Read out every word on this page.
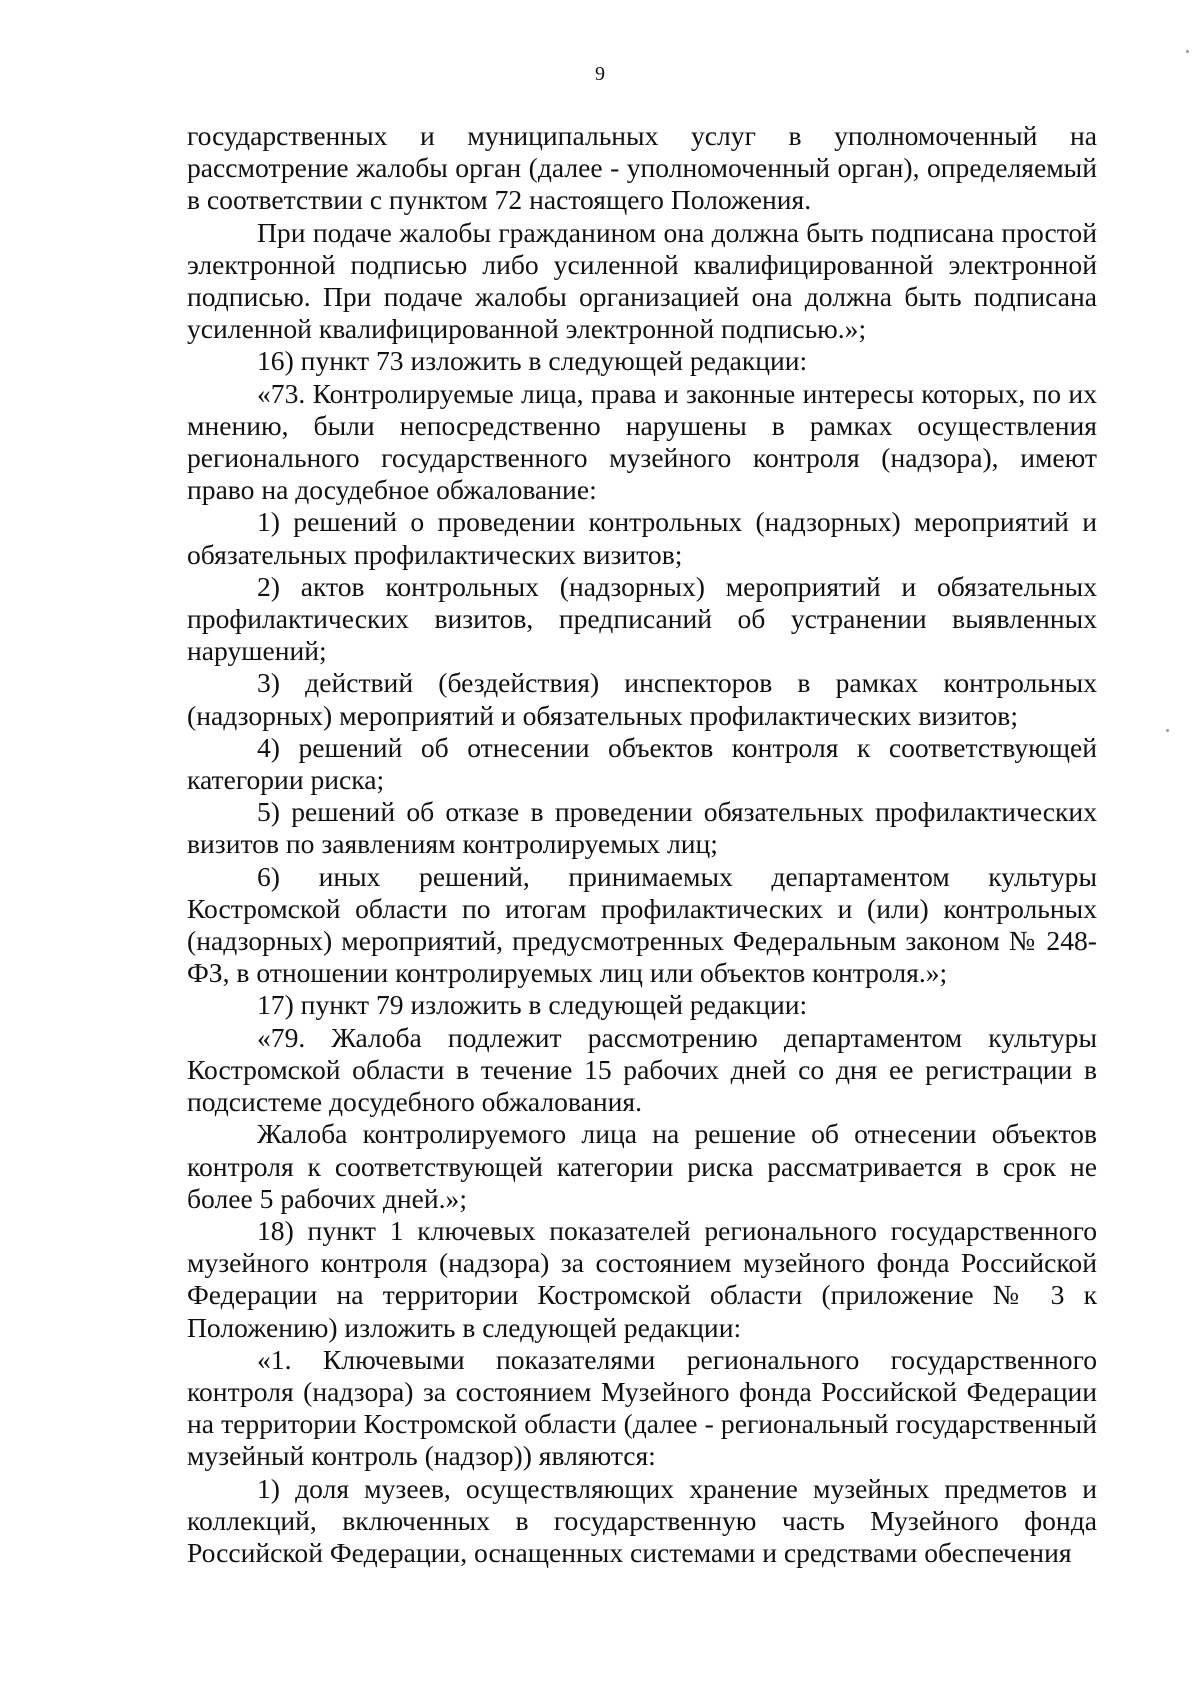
9

государственных и муниципальных услуг в уполномоченный на рассмотрение жалобы орган (далее - уполномоченный орган), определяемый в соответствии с пунктом 72 настоящего Положения.

При подаче жалобы гражданином она должна быть подписана простой электронной подписью либо усиленной квалифицированной электронной подписью. При подаче жалобы организацией она должна быть подписана усиленной квалифицированной электронной подписью.»;

16) пункт 73 изложить в следующей редакции:

«73. Контролируемые лица, права и законные интересы которых, по их мнению, были непосредственно нарушены в рамках осуществления регионального государственного музейного контроля (надзора), имеют право на досудебное обжалование:

1) решений о проведении контрольных (надзорных) мероприятий и обязательных профилактических визитов;

2) актов контрольных (надзорных) мероприятий и обязательных профилактических визитов, предписаний об устранении выявленных нарушений;

3) действий (бездействия) инспекторов в рамках контрольных (надзорных) мероприятий и обязательных профилактических визитов;

4) решений об отнесении объектов контроля к соответствующей категории риска;

5) решений об отказе в проведении обязательных профилактических визитов по заявлениям контролируемых лиц;

6) иных решений, принимаемых департаментом культуры Костромской области по итогам профилактических и (или) контрольных (надзорных) мероприятий, предусмотренных Федеральным законом № 248-ФЗ, в отношении контролируемых лиц или объектов контроля.»;

17) пункт 79 изложить в следующей редакции:

«79. Жалоба подлежит рассмотрению департаментом культуры Костромской области в течение 15 рабочих дней со дня ее регистрации в подсистеме досудебного обжалования.

Жалоба контролируемого лица на решение об отнесении объектов контроля к соответствующей категории риска рассматривается в срок не более 5 рабочих дней.»;

18) пункт 1 ключевых показателей регионального государственного музейного контроля (надзора) за состоянием музейного фонда Российской Федерации на территории Костромской области (приложение № 3 к Положению) изложить в следующей редакции:

«1. Ключевыми показателями регионального государственного контроля (надзора) за состоянием Музейного фонда Российской Федерации на территории Костромской области (далее - региональный государственный музейный контроль (надзор)) являются:

1) доля музеев, осуществляющих хранение музейных предметов и коллекций, включенных в государственную часть Музейного фонда Российской Федерации, оснащенных системами и средствами обеспечения
